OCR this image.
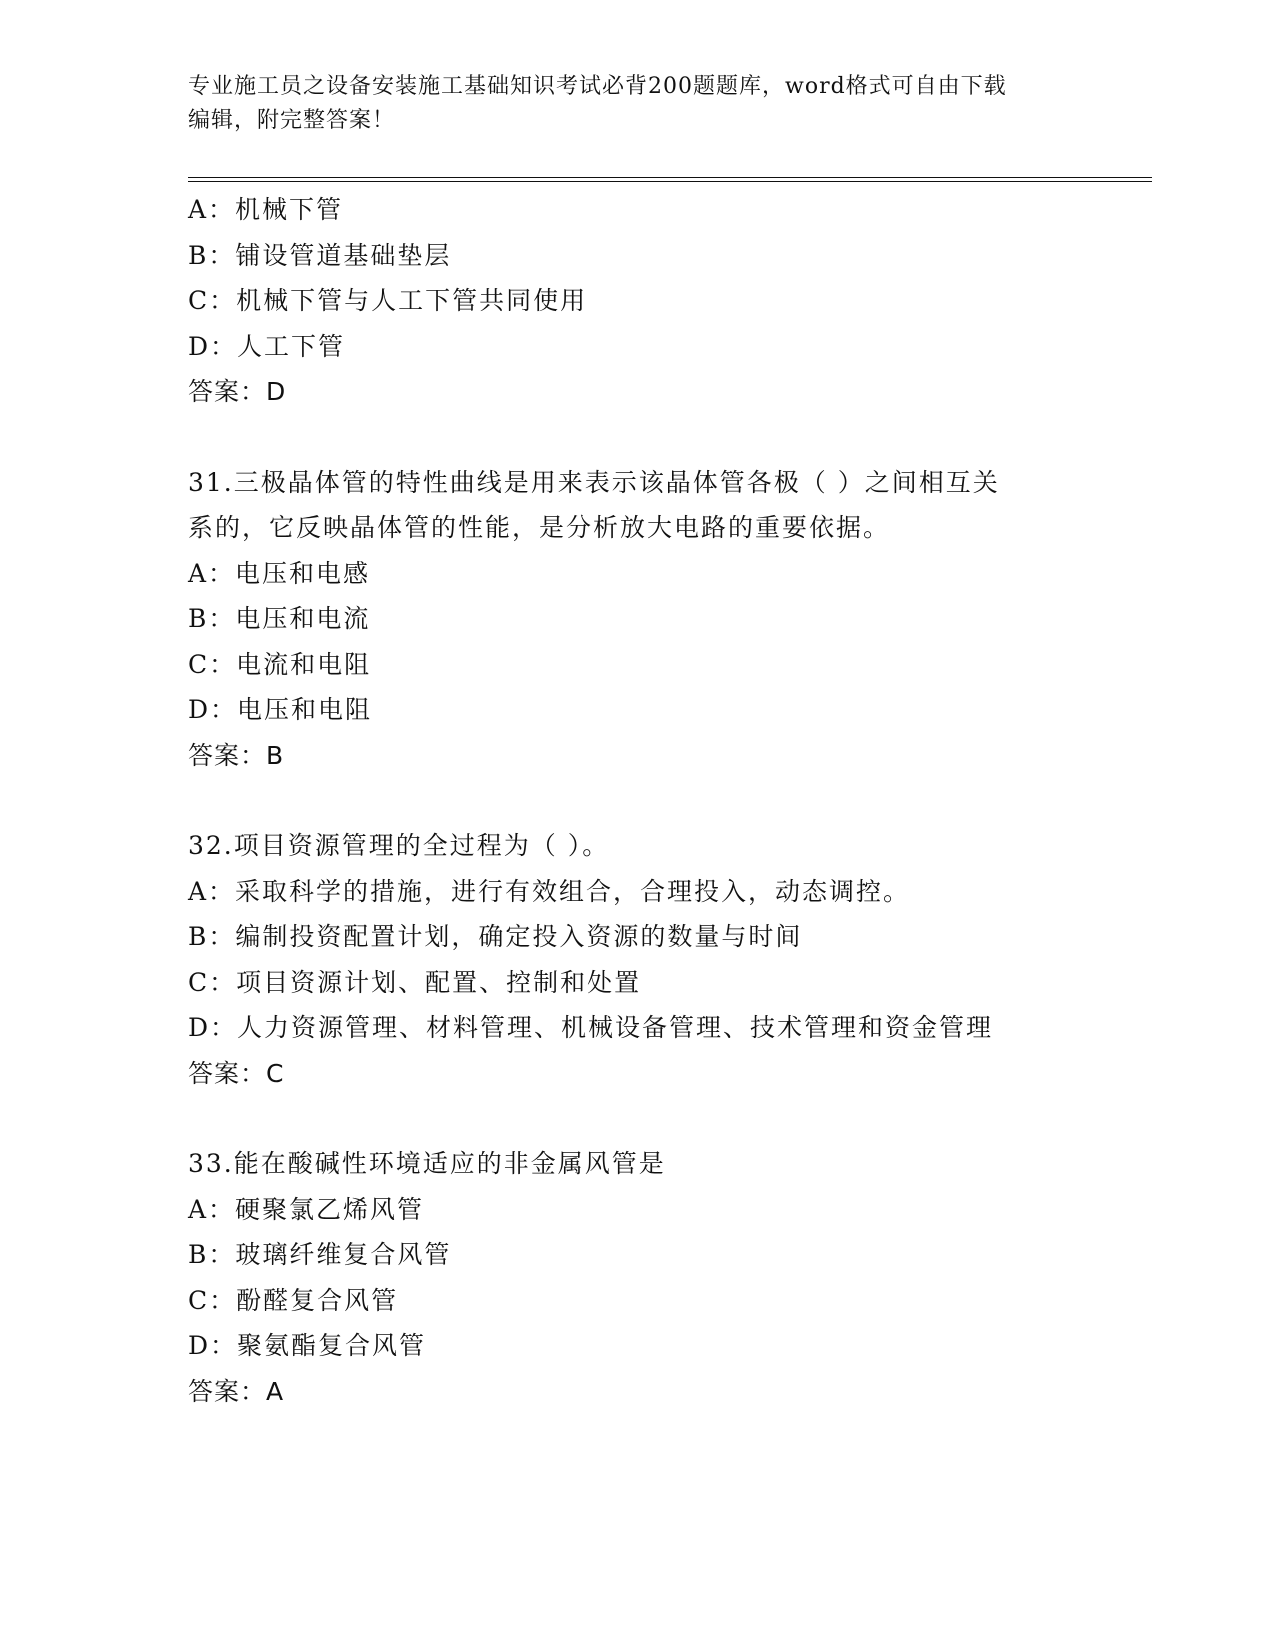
专业施工员之设备安装施工基础知识考试必背200题题库，word格式可自由下载
编辑，附完整答案！
A：机械下管
B：铺设管道基础垫层
C：机械下管与人工下管共同使用
D：人工下管
答案：D
31.三极晶体管的特性曲线是用来表示该晶体管各极（ ）之间相互关
系的，它反映晶体管的性能，是分析放大电路的重要依据。
A：电压和电感
B：电压和电流
C：电流和电阻
D：电压和电阻
答案：B
32.项目资源管理的全过程为（ ）。
A：采取科学的措施，进行有效组合，合理投入，动态调控。
B：编制投资配置计划，确定投入资源的数量与时间
C：项目资源计划、配置、控制和处置
D：人力资源管理、材料管理、机械设备管理、技术管理和资金管理
答案：C
33.能在酸碱性环境适应的非金属风管是
A：硬聚氯乙烯风管
B：玻璃纤维复合风管
C：酚醛复合风管
D：聚氨酯复合风管
答案：A
